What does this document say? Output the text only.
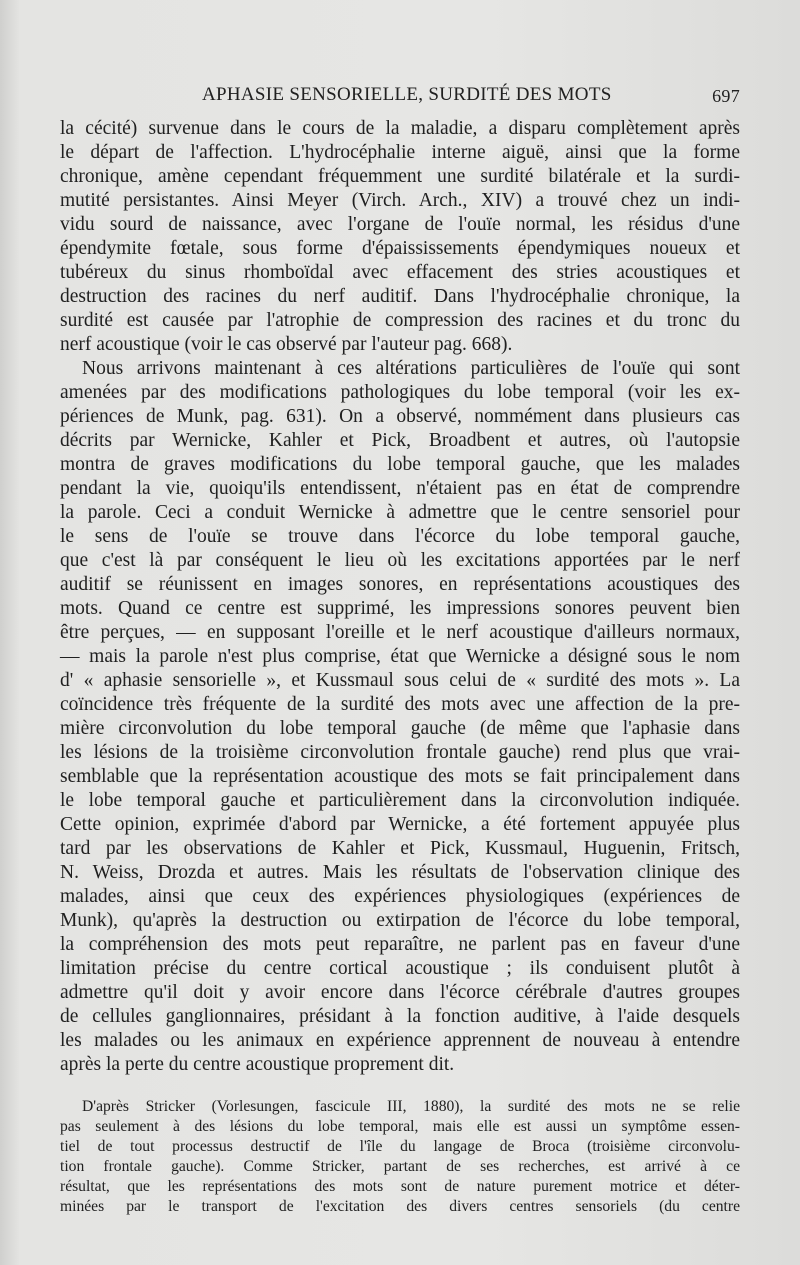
APHASIE SENSORIELLE, SURDITÉ DES MOTS	697

la cécité) survenue dans le cours de la maladie, a disparu complètement après

le départ de l'affection. L'hydrocéphalie interne aiguë, ainsi que la forme

chronique, amène cependant fréquemment une surdité bilatérale et la surdi-

mutité persistantes. Ainsi Meyer (Virch. Arch., XIV) a trouvé chez un indi-

vidu sourd de naissance, avec l'organe de l'ouïe normal, les résidus d'une

épendymite fœtale, sous forme d'épaississements épendymiques noueux et

tubéreux du sinus rhomboïdal avec effacement des stries acoustiques et

destruction des racines du nerf auditif. Dans l'hydrocéphalie chronique, la

surdité est causée par l'atrophie de compression des racines et du tronc du

nerf acoustique (voir le cas observé par l'auteur pag. 668).

Nous arrivons maintenant à ces altérations particulières de l'ouïe qui sont

amenées par des modifications pathologiques du lobe temporal (voir les ex-

périences de Munk, pag. 631). On a observé, nommément dans plusieurs cas

décrits par Wernicke, Kahler et Pick, Broadbent et autres, où l'autopsie

montra de graves modifications du lobe temporal gauche, que les malades

pendant la vie, quoiqu'ils entendissent, n'étaient pas en état de comprendre

la parole. Ceci a conduit Wernicke à admettre que le centre sensoriel pour

le sens de l'ouïe se trouve dans l'écorce du lobe temporal gauche,

que c'est là par conséquent le lieu où les excitations apportées par le nerf

auditif se réunissent en images sonores, en représentations acoustiques des

mots. Quand ce centre est supprimé, les impressions sonores peuvent bien

être perçues, — en supposant l'oreille et le nerf acoustique d'ailleurs normaux,

— mais la parole n'est plus comprise, état que Wernicke a désigné sous le nom

d' « aphasie sensorielle », et Kussmaul sous celui de « surdité des mots ». La

coïncidence très fréquente de la surdité des mots avec une affection de la pre-

mière circonvolution du lobe temporal gauche (de même que l'aphasie dans

les lésions de la troisième circonvolution frontale gauche) rend plus que vrai-

semblable que la représentation acoustique des mots se fait principalement dans

le lobe temporal gauche et particulièrement dans la circonvolution indiquée.

Cette opinion, exprimée d'abord par Wernicke, a été fortement appuyée plus

tard par les observations de Kahler et Pick, Kussmaul, Huguenin, Fritsch,

N. Weiss, Drozda et autres. Mais les résultats de l'observation clinique des

malades, ainsi que ceux des expériences physiologiques (expériences de

Munk), qu'après la destruction ou extirpation de l'écorce du lobe temporal,

la compréhension des mots peut reparaître, ne parlent pas en faveur d'une

limitation précise du centre cortical acoustique ; ils conduisent plutôt à

admettre qu'il doit y avoir encore dans l'écorce cérébrale d'autres groupes

de cellules ganglionnaires, présidant à la fonction auditive, à l'aide desquels

les malades ou les animaux en expérience apprennent de nouveau à entendre

après la perte du centre acoustique proprement dit.

D'après Stricker (Vorlesungen, fascicule III, 1880), la surdité des mots ne se relie

pas seulement à des lésions du lobe temporal, mais elle est aussi un symptôme essen-

tiel de tout processus destructif de l'île du langage de Broca (troisième circonvolu-

tion frontale gauche). Comme Stricker, partant de ses recherches, est arrivé à ce

résultat, que les représentations des mots sont de nature purement motrice et déter-

minées par le transport de l'excitation des divers centres sensoriels (du centre
